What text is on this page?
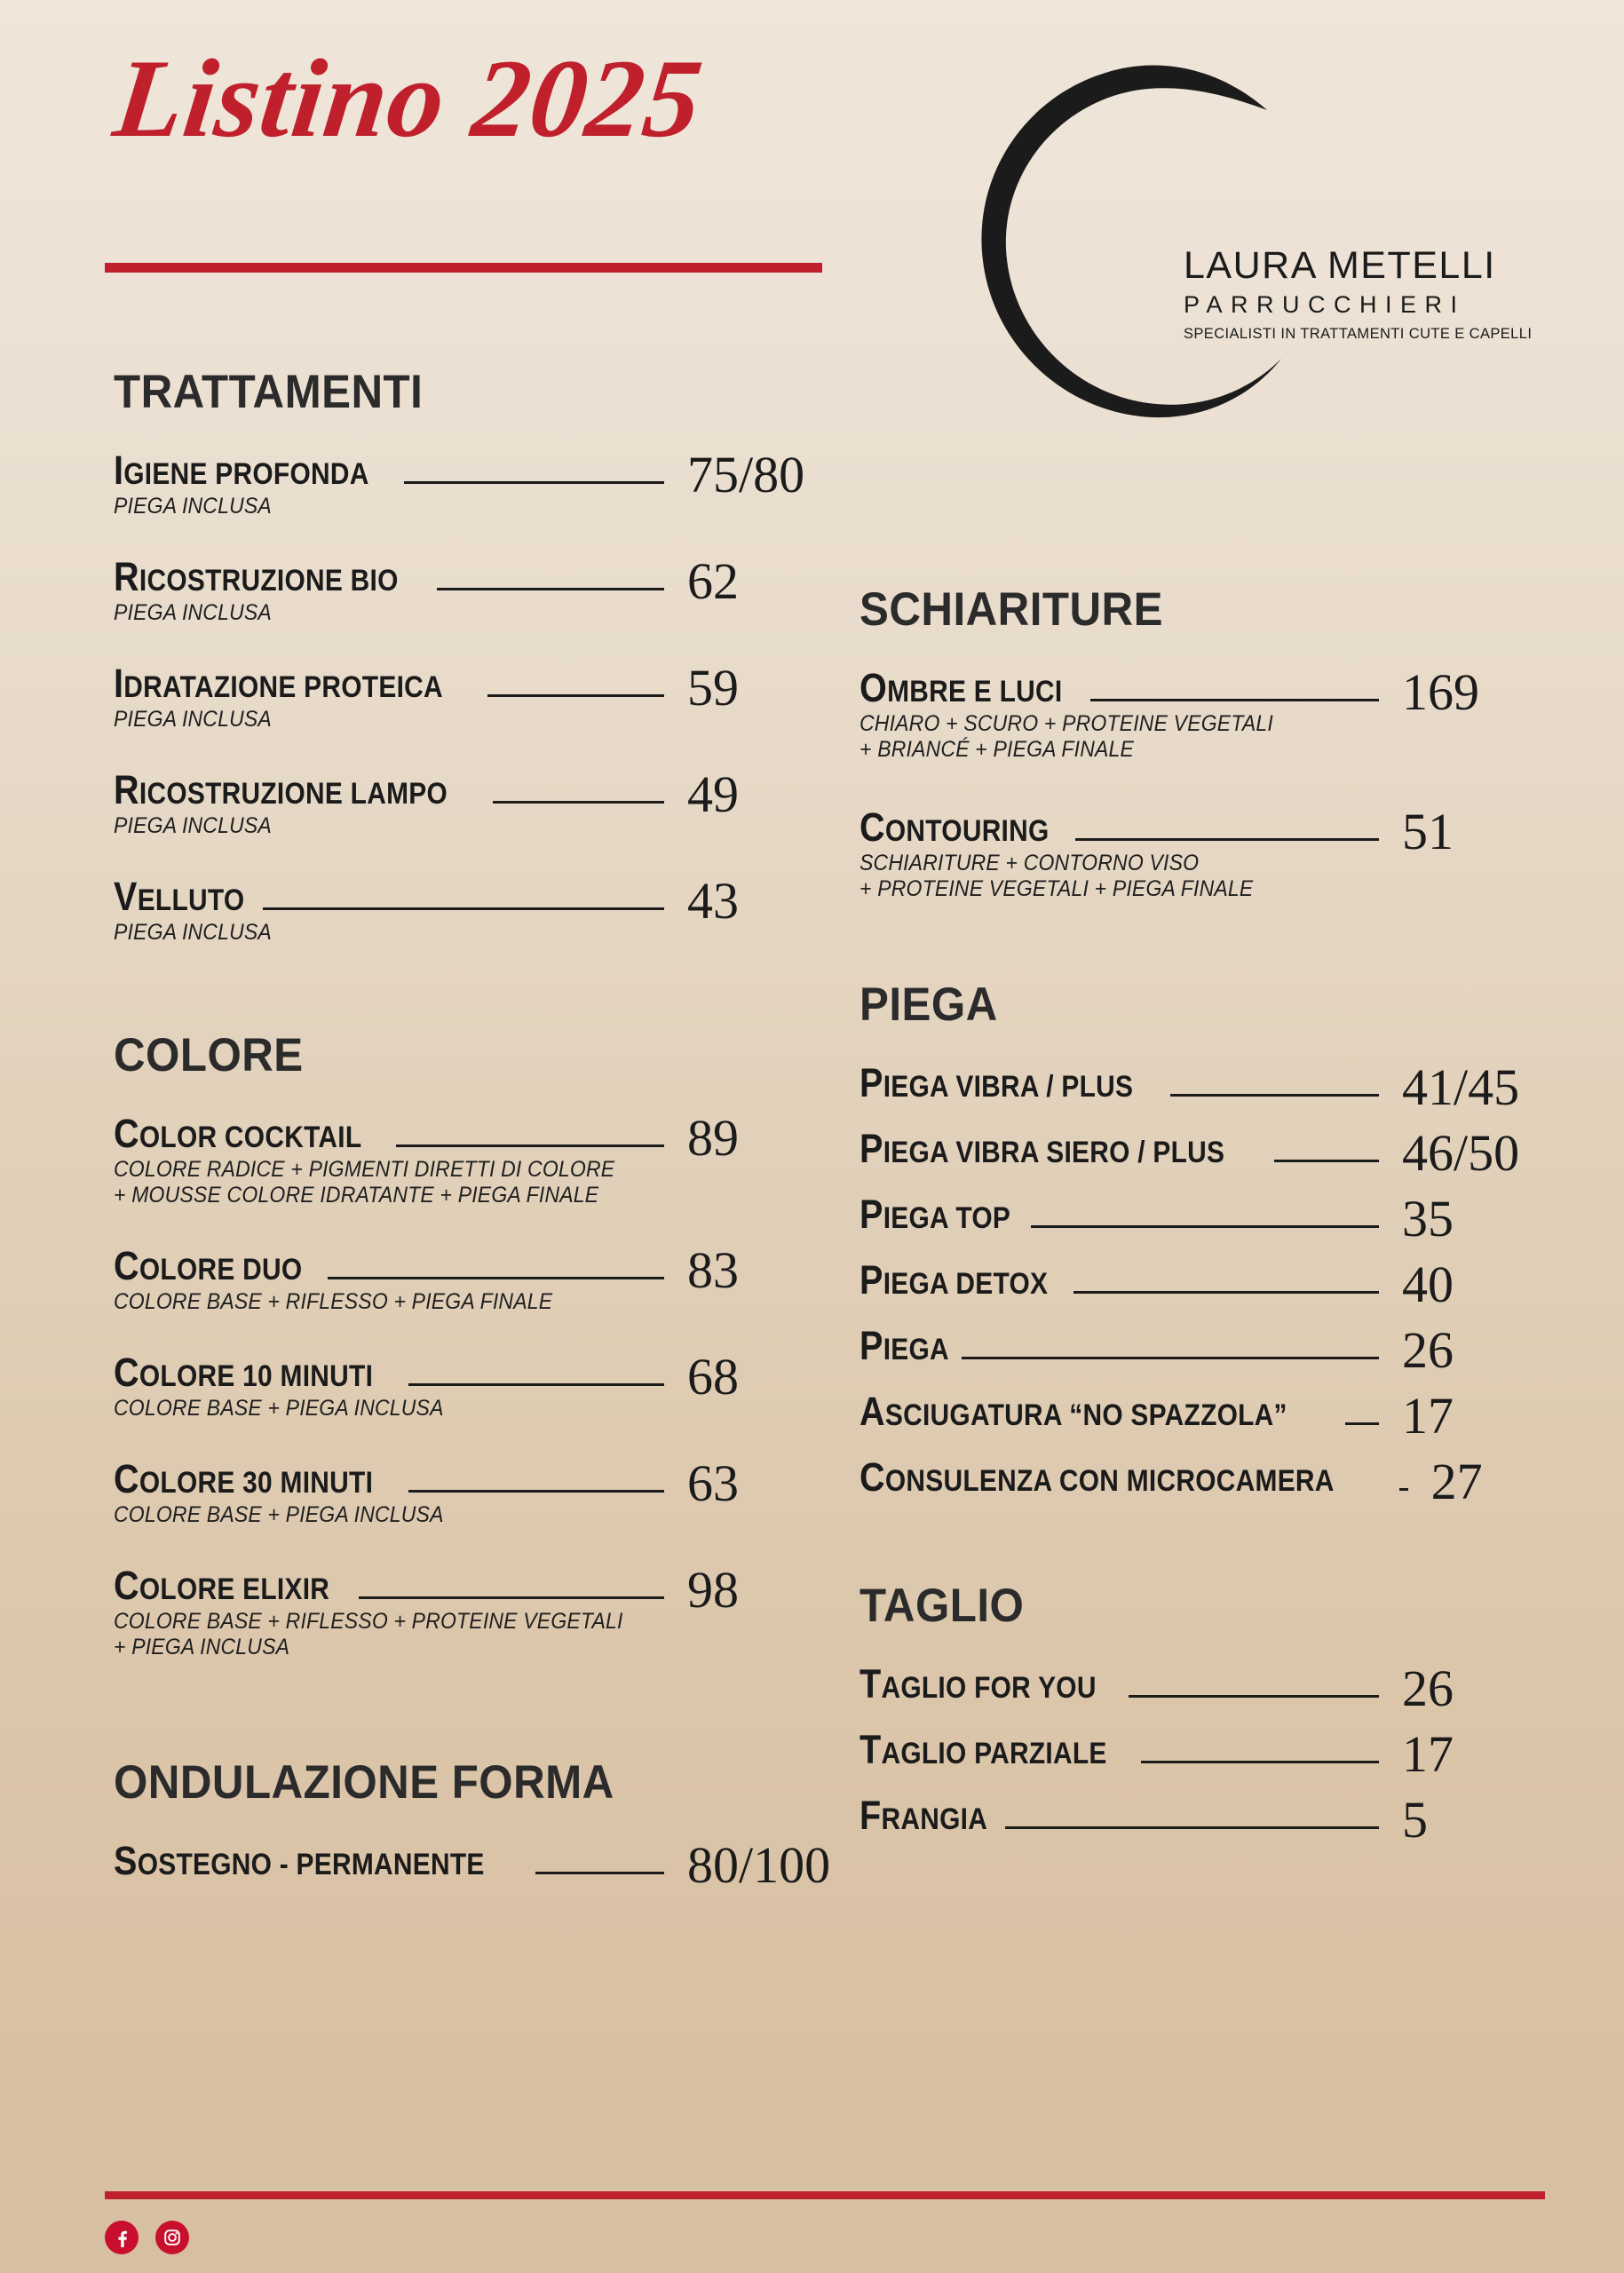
Listino 2025
LAURA METELLI
PARRUCCHIERI
SPECIALISTI IN TRATTAMENTI CUTE E CAPELLI
TRATTAMENTI
IGIENE PROFONDA	75/80
PIEGA INCLUSA
RICOSTRUZIONE BIO	62
PIEGA INCLUSA
IDRATAZIONE PROTEICA	59
PIEGA INCLUSA
RICOSTRUZIONE LAMPO	49
PIEGA INCLUSA
VELLUTO	43
PIEGA INCLUSA
COLORE
COLOR COCKTAIL	89
COLORE RADICE + PIGMENTI DIRETTI DI COLORE
+ MOUSSE COLORE IDRATANTE + PIEGA FINALE
COLORE DUO	83
COLORE BASE + RIFLESSO + PIEGA FINALE
COLORE 10 MINUTI	68
COLORE BASE + PIEGA INCLUSA
COLORE 30 MINUTI	63
COLORE BASE + PIEGA INCLUSA
COLORE ELIXIR	98
COLORE BASE + RIFLESSO + PROTEINE VEGETALI
+ PIEGA INCLUSA
ONDULAZIONE FORMA
SOSTEGNO - PERMANENTE	80/100
SCHIARITURE
OMBRE E LUCI	169
CHIARO + SCURO + PROTEINE VEGETALI
+ BRIANCÉ + PIEGA FINALE
CONTOURING	51
SCHIARITURE + CONTORNO VISO
+ PROTEINE VEGETALI + PIEGA FINALE
PIEGA
PIEGA VIBRA / PLUS	41/45
PIEGA VIBRA SIERO / PLUS	46/50
PIEGA TOP	35
PIEGA DETOX	40
PIEGA	26
ASCIUGATURA “NO SPAZZOLA” 17
CONSULENZA CON MICROCAMERA 27
TAGLIO
TAGLIO FOR YOU	26
TAGLIO PARZIALE	17
FRANGIA	5
